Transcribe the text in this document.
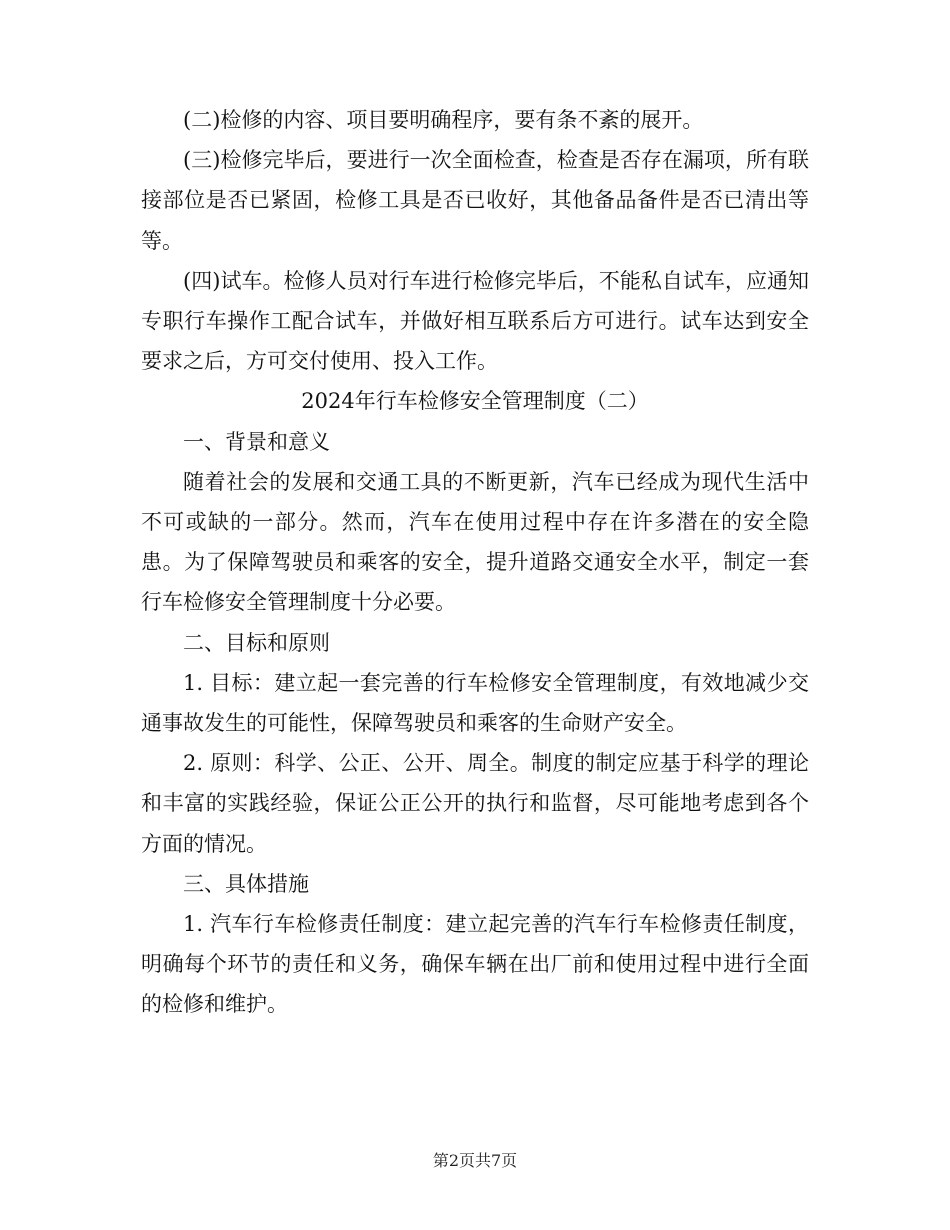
(二)检修的内容、项目要明确程序，要有条不紊的展开。

(三)检修完毕后，要进行一次全面检查，检查是否存在漏项，所有联接部位是否已紧固，检修工具是否已收好，其他备品备件是否已清出等等。

(四)试车。检修人员对行车进行检修完毕后，不能私自试车，应通知专职行车操作工配合试车，并做好相互联系后方可进行。试车达到安全要求之后，方可交付使用、投入工作。

2024年行车检修安全管理制度（二）

一、背景和意义

随着社会的发展和交通工具的不断更新，汽车已经成为现代生活中不可或缺的一部分。然而，汽车在使用过程中存在许多潜在的安全隐患。为了保障驾驶员和乘客的安全，提升道路交通安全水平，制定一套行车检修安全管理制度十分必要。

二、目标和原则

1. 目标：建立起一套完善的行车检修安全管理制度，有效地减少交通事故发生的可能性，保障驾驶员和乘客的生命财产安全。

2. 原则：科学、公正、公开、周全。制度的制定应基于科学的理论和丰富的实践经验，保证公正公开的执行和监督，尽可能地考虑到各个方面的情况。

三、具体措施

1. 汽车行车检修责任制度：建立起完善的汽车行车检修责任制度，明确每个环节的责任和义务，确保车辆在出厂前和使用过程中进行全面的检修和维护。

第2页共7页
